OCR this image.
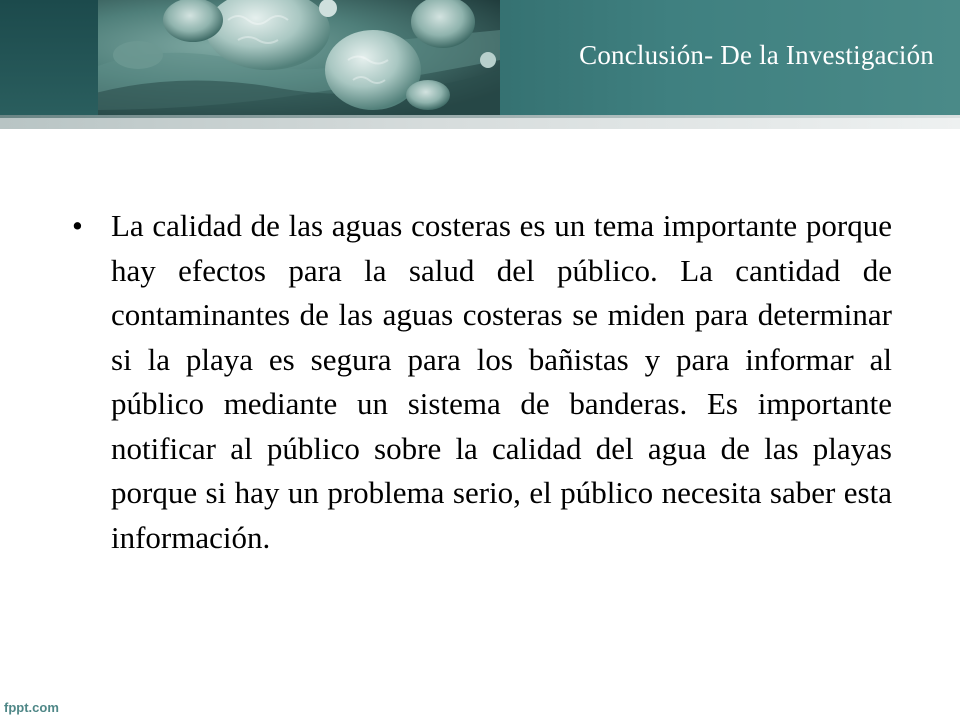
Conclusión- De la Investigación
• La calidad de las aguas costeras es un tema importante porque hay efectos para la salud del público. La cantidad de contaminantes de las aguas costeras se miden para determinar si la playa es segura para los bañistas y para informar al público mediante un sistema de banderas. Es importante notificar al público sobre la calidad del agua de las playas porque si hay un problema serio, el público necesita saber esta información.
fppt.com
